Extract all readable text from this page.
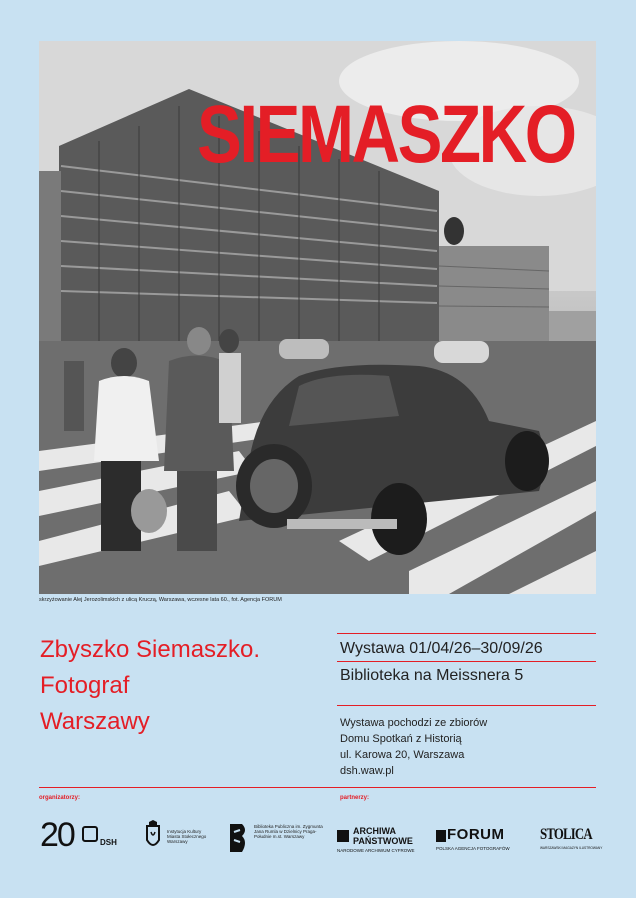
SIEMASZKO
skrzyżowanie Alej Jerozolimskich z ulicą Kruczą, Warszawa, wczesne lata 60., fot. Agencja FORUM
Zbyszko Siemaszko.
Fotograf
Warszawy
Wystawa 01/04/26–30/09/26
Biblioteka na Meissnera 5
Wystawa pochodzi ze zbiorów
Domu Spotkań z Historią
ul. Karowa 20, Warszawa
dsh.waw.pl
organizatorzy:	partnerzy:
20	DSH
Instytucja Kultury Miasta Stołecznego Warszawy
Biblioteka Publiczna im. Zygmunta Jana Rumla w Dzielnicy Praga-Południe m.st. Warszawy
ARCHIWA
PAŃSTWOWE
NARODOWE ARCHIWUM CYFROWE
FORUM
POLSKA AGENCJA FOTOGRAFÓW
STOLICA
WARSZAWSKI MAGAZYN ILUSTROWANY
